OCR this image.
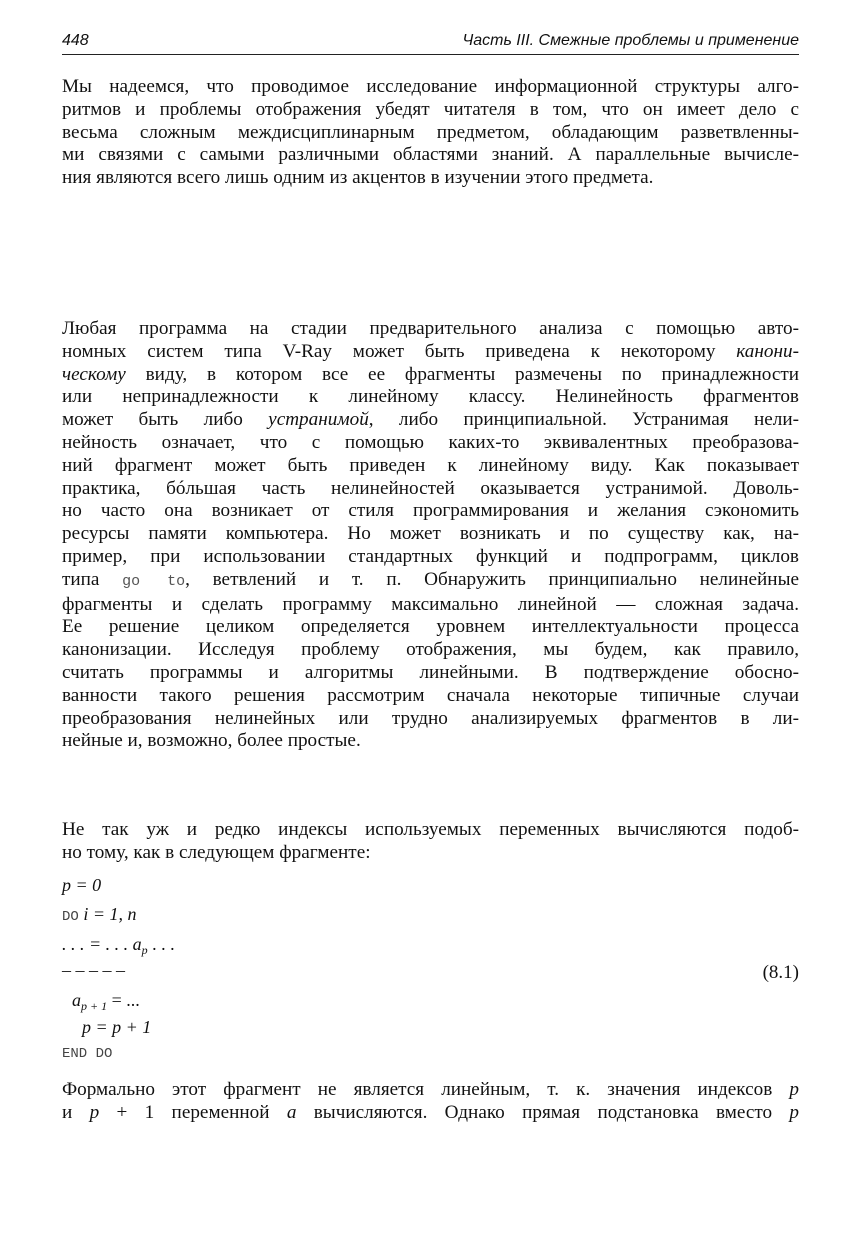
448	Часть III. Смежные проблемы и применение
Мы надеемся, что проводимое исследование информационной структуры алго-
ритмов и проблемы отображения убедят читателя в том, что он имеет дело с
весьма сложным междисциплинарным предметом, обладающим разветвленны-
ми связями с самыми различными областями знаний. А параллельные вычисле-
ния являются всего лишь одним из акцентов в изучении этого предмета.
Любая программа на стадии предварительного анализа с помощью авто-
номных систем типа V-Ray может быть приведена к некоторому канони-
ческому виду, в котором все ее фрагменты размечены по принадлежности
или непринадлежности к линейному классу. Нелинейность фрагментов
может быть либо устранимой, либо принципиальной. Устранимая нели-
нейность означает, что с помощью каких-то эквивалентных преобразова-
ний фрагмент может быть приведен к линейному виду. Как показывает
практика, бóльшая часть нелинейностей оказывается устранимой. Доволь-
но часто она возникает от стиля программирования и желания сэкономить
ресурсы памяти компьютера. Но может возникать и по существу как, на-
пример, при использовании стандартных функций и подпрограмм, циклов
типа go to, ветвлений и т. п. Обнаружить принципиально нелинейные
фрагменты и сделать программу максимально линейной — сложная задача.
Ее решение целиком определяется уровнем интеллектуальности процесса
канонизации. Исследуя проблему отображения, мы будем, как правило,
считать программы и алгоритмы линейными. В подтверждение обосно-
ванности такого решения рассмотрим сначала некоторые типичные случаи
преобразования нелинейных или трудно анализируемых фрагментов в ли-
нейные и, возможно, более простые.
Не так уж и редко индексы используемых переменных вычисляются подоб-
но тому, как в следующем фрагменте:
p = 0
DO i = 1, n
. . . = . . . $a_p$ . . .
– – – – –
$a_{p + 1}$ = ...
p = p + 1
END DO
(8.1)
Формально этот фрагмент не является линейным, т. к. значения индексов p
и p + 1 переменной a вычисляются. Однако прямая подстановка вместо p
